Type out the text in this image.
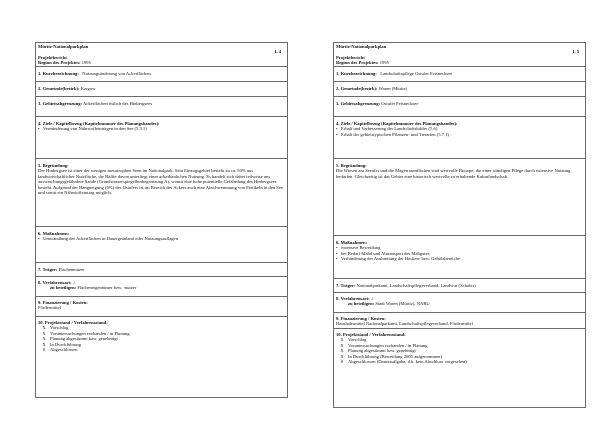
Müritz-Nationalparkplan
L 4
Projektbericht
Beginn des Projektes: 1995
1. Kurzbezeichnung: Nutzungsänderung von Ackerflächen
2. Gemeinde(bezirk): Kargow
3. Gebietsabgrenzung: Ackerflächen östlich des Hinbergsees
4. Ziele / Kapitelbezug (Kapitelnummer des Planungsbandes):
• Verminderung von Nährstoffeinträgen in den See (5.3.1)
5. Begründung:
Der Hinbergsee ist einer der wenigen mesotrophen Seen im Nationalpark. Sein Einzugsgebiet besteht zu ca. 50% aus landwirtschaftlicher Nutzfläche, die Hälfte davon unterliegt einer ackerbaulichen Nutzung. Es handelt sich dabei teilweise um auswaschungsgefährdete Sande (Grundwasserspiegelhinbegrenzung A), womit eine hohe potentielle Gefährdung des Hinbergsees besteht. Aufgrund der Hangneigung (6%) des Ostufers ist im Bereich des Ackers auch eine Abschwemmung von Partikeln in den See und somit ein Nährstoffeintrag möglich.
6. Maßnahmen:
• Umwandlung der Ackerflächen in Dauergrünland oder Nutzungsauflagen
7. Träger: Flächennutzer
8. Verfahrensart: ./.
zu beteiligen: Flächeneigentümer bzw. -nutzer
9. Finanzierung / Kosten:
Fördermittel
10. Projektstand / Verfahrensstand:
X Vorschlag
X Voruntersuchungen vorhanden / in Planung
X Planung abgestimmt bzw. genehmigt
X In Durchführung
0	Abgeschlossen
Müritz-Nationalparkplan
L 5
Projektbericht
Beginn des Projektes: 1995
1. Kurzbezeichnung: Landschaftspflege Ostufer Feisnecksee
2. Gemeinde(bezirk): Waren (Müritz)
3. Gebietsabgrenzung: Ostufer Feisnecksee
4. Ziele / Kapitelbezug (Kapitelnummer des Planungsbandes):
• Erhalt und Verbesserung der Landschaftsbildes (5.6)
• Erhalt der gebietstypischen Pflanzen- und Tierarten (5.7.1)
5. Begründung:
Die Wiesen am Seeufer und die Magerrasenflächen sind wertvolle Biotope, die einer ständigen Pflege durch extensive Nutzung bedürfen. Gleichzeitig ist das Gebiet eine historisch wertvolle zu erhaltende Kulturlandschaft.
6. Maßnahmen:
• extensive Beweidung
• bei Bedarf Mahd und Abtransport des Mähgutes
• Verhinderung der Ausbreitung der Hecken- bzw. Gehölzbereiche
7. Träger: Nationalparkamt, Landschaftspflegeverband, Landwirt (Schäfer)
8. Verfahrensart: ./.
zu beteiligen: Stadt Waren (Müritz), NABU
9. Finanzierung / Kosten:
Haushaltsmittel Nationalparkamt, Landschaftspflegeverband, Fördermittel
10. Projektstand / Verfahrensstand:
X Vorschlag
X Voruntersuchungen vorhanden / in Planung
X Planung abgestimmt bzw. genehmigt
X In Durchführung (Beweidung 2005 aufgenommen)
0	Abgeschlossen (Dauerauflgabe, d.h. kein Abschluss vorgesehen)
